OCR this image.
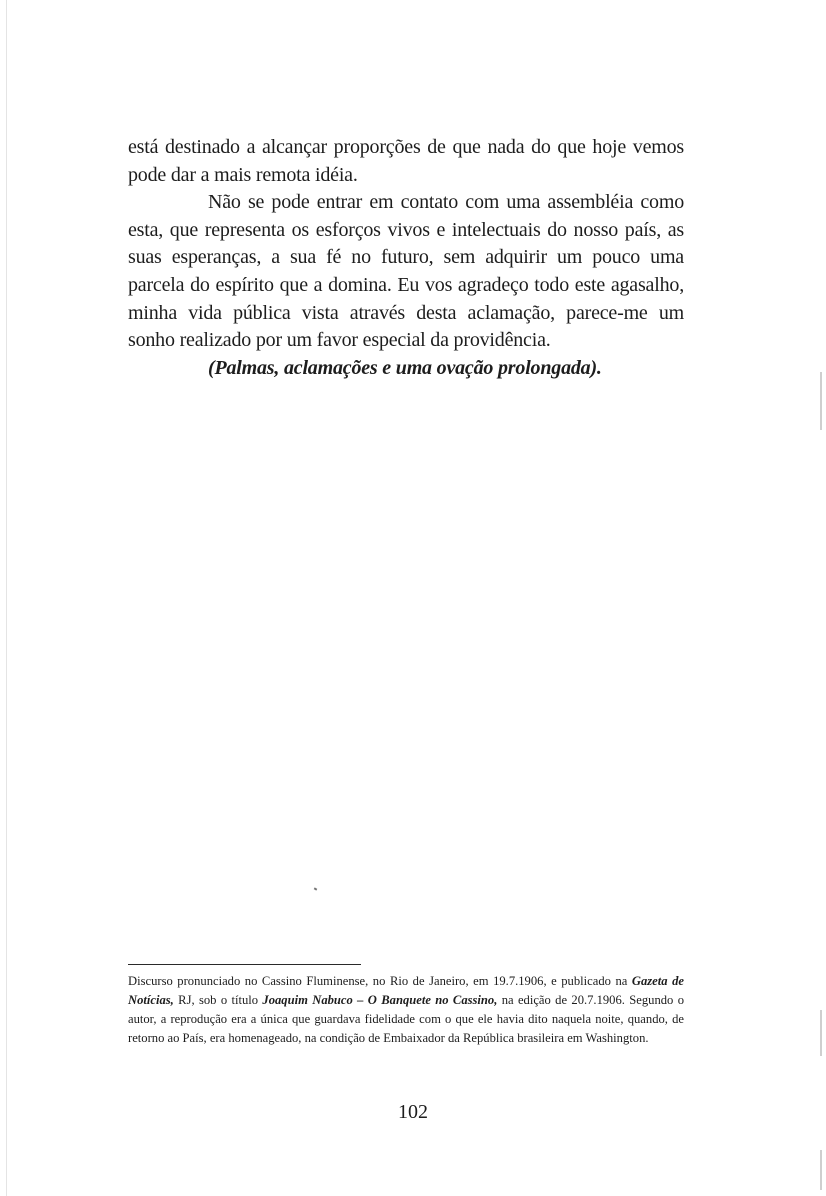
está destinado a alcançar proporções de que nada do que hoje vemos pode dar a mais remota idéia.

Não se pode entrar em contato com uma assembléia como esta, que representa os esforços vivos e intelectuais do nosso país, as suas esperanças, a sua fé no futuro, sem adquirir um pouco uma parcela do espírito que a domina. Eu vos agradeço todo este agasalho, minha vida pública vista através desta aclamação, parece-me um sonho realizado por um favor especial da providência.
(Palmas, aclamações e uma ovação prolongada).

Discurso pronunciado no Cassino Fluminense, no Rio de Janeiro, em 19.7.1906, e publicado na Gazeta de Notícias, RJ, sob o título Joaquim Nabuco – O Banquete no Cassino, na edição de 20.7.1906. Segundo o autor, a reprodução era a única que guardava fidelidade com o que ele havia dito naquela noite, quando, de retorno ao País, era homenageado, na condição de Embaixador da República brasileira em Washington.

102
